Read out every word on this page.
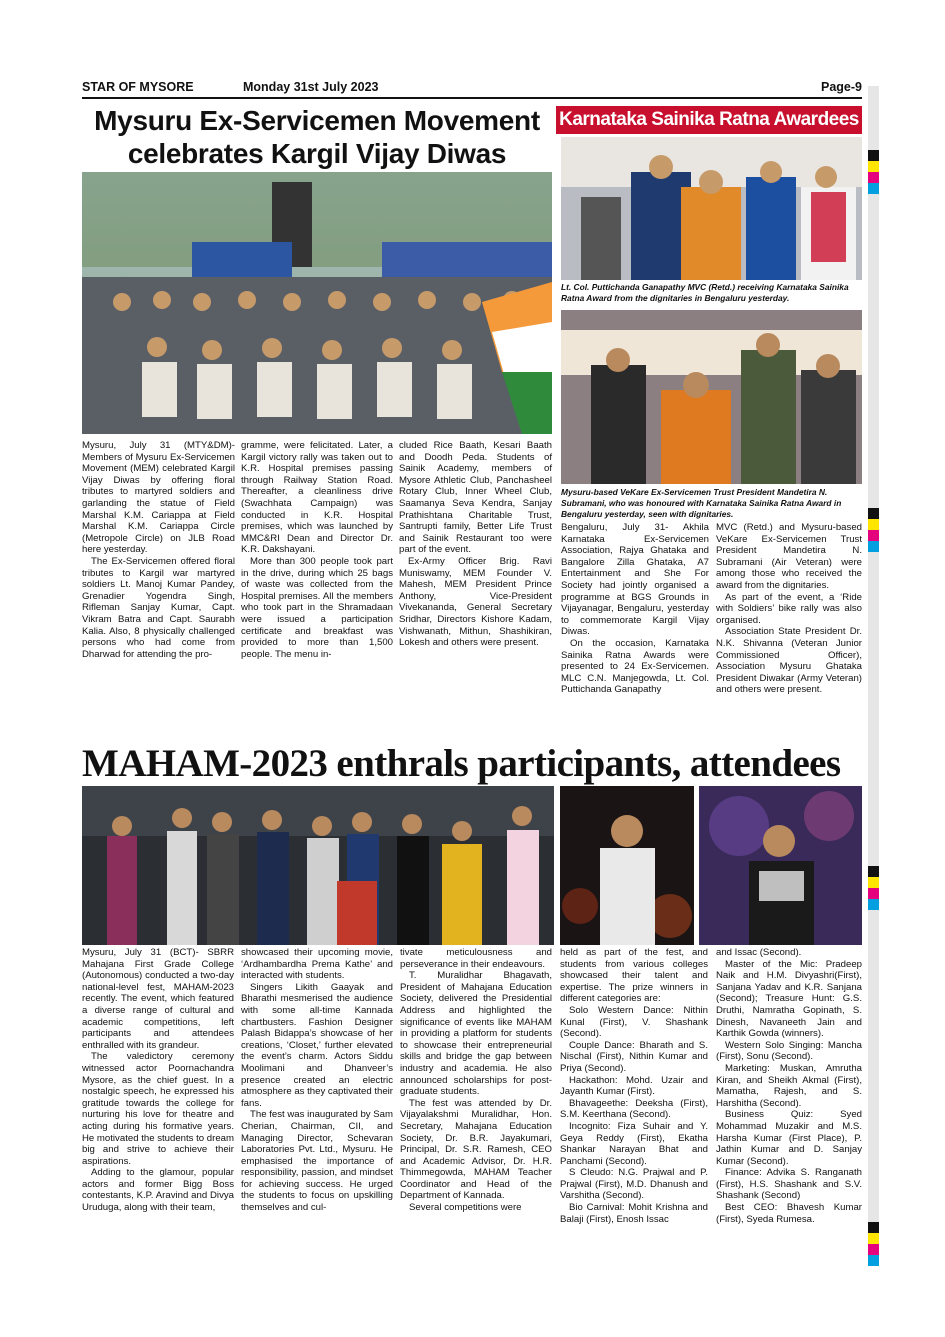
STAR OF MYSORE	Monday 31st July 2023	Page-9
Mysuru Ex-Servicemen Movement
celebrates Kargil Vijay Diwas

Mysuru, July 31 (MTY&DM)- Members of Mysuru Ex-Servicemen Movement (MEM) celebrated Kargil Vijay Diwas by offering floral tributes to martyred soldiers and garlanding the statue of Field Marshal K.M. Cariappa at Field Marshal K.M. Cariappa Circle (Metropole Circle) on JLB Road here yesterday.

The Ex-Servicemen offered floral tributes to Kargil war martyred soldiers Lt. Manoj Kumar Pandey, Grenadier Yogendra Singh, Rifleman Sanjay Kumar, Capt. Vikram Batra and Capt. Saurabh Kalia. Also, 8 physically challenged persons who had come from Dharwad for attending the pro-

gramme, were felicitated. Later, a Kargil victory rally was taken out to K.R. Hospital premises passing through Railway Station Road. Thereafter, a cleanliness drive (Swachhata Campaign) was conducted in K.R. Hospital premises, which was launched by MMC&RI Dean and Director Dr. K.R. Dakshayani.

More than 300 people took part in the drive, during which 25 bags of waste was collected from the Hospital premises. All the members who took part in the Shramadaan were issued a participation certificate and breakfast was provided to more than 1,500 people. The menu in-

cluded Rice Baath, Kesari Baath and Doodh Peda. Students of Sainik Academy, members of Mysore Athletic Club, Panchasheel Rotary Club, Inner Wheel Club, Saamanya Seva Kendra, Sanjay Prathishtana Charitable Trust, Santrupti family, Better Life Trust and Sainik Restaurant too were part of the event.

Ex-Army Officer Brig. Ravi Muniswamy, MEM Founder V. Mahesh, MEM President Prince Anthony, Vice-President Vivekananda, General Secretary Sridhar, Directors Kishore Kadam, Vishwanath, Mithun, Shashikiran, Lokesh and others were present.

Karnataka Sainika Ratna Awardees
Lt. Col. Puttichanda Ganapathy MVC (Retd.) receiving Karnataka Sainika Ratna Award from the dignitaries in Bengaluru yesterday.
Mysuru-based VeKare Ex-Servicemen Trust President Mandetira N. Subramani, who was honoured with Karnataka Sainika Ratna Award in Bengaluru yesterday, seen with dignitaries.

Bengaluru, July 31- Akhila Karnataka Ex-Servicemen Association, Rajya Ghataka and Bangalore Zilla Ghataka, A7 Entertainment and She For Society had jointly organised a programme at BGS Grounds in Vijayanagar, Bengaluru, yesterday to commemorate Kargil Vijay Diwas.

On the occasion, Karnataka Sainika Ratna Awards were presented to 24 Ex-Servicemen. MLC C.N. Manjegowda, Lt. Col. Puttichanda Ganapathy

MVC (Retd.) and Mysuru-based VeKare Ex-Servicemen Trust President Mandetira N. Subramani (Air Veteran) were among those who received the award from the dignitaries.

As part of the event, a ‘Ride with Soldiers’ bike rally was also organised.

Association State President Dr. N.K. Shivanna (Veteran Junior Commissioned Officer), Association Mysuru Ghataka President Diwakar (Army Veteran) and others were present.

MAHAM-2023 enthrals participants, attendees

Mysuru, July 31 (BCT)- SBRR Mahajana First Grade College (Autonomous) conducted a two-day national-level fest, MAHAM-2023 recently. The event, which featured a diverse range of cultural and academic competitions, left participants and attendees enthralled with its grandeur.

The valedictory ceremony witnessed actor Poornachandra Mysore, as the chief guest. In a nostalgic speech, he expressed his gratitude towards the college for nurturing his love for theatre and acting during his formative years. He motivated the students to dream big and strive to achieve their aspirations.

Adding to the glamour, popular actors and former Bigg Boss contestants, K.P. Aravind and Divya Uruduga, along with their team,

showcased their upcoming movie, ‘Ardhambardha Prema Kathe’ and interacted with students.

Singers Likith Gaayak and Bharathi mesmerised the audience with some all-time Kannada chartbusters. Fashion Designer Palash Bidappa’s showcase of her creations, ‘Closet,’ further elevated the event’s charm. Actors Siddu Moolimani and Dhanveer’s presence created an electric atmosphere as they captivated their fans.

The fest was inaugurated by Sam Cherian, Chairman, CII, and Managing Director, Schevaran Laboratories Pvt. Ltd., Mysuru. He emphasised the importance of responsibility, passion, and mindset for achieving success. He urged the students to focus on upskilling themselves and cul-

tivate meticulousness and perseverance in their endeavours.

T. Muralidhar Bhagavath, President of Mahajana Education Society, delivered the Presidential Address and highlighted the significance of events like MAHAM in providing a platform for students to showcase their entrepreneurial skills and bridge the gap between industry and academia. He also announced scholarships for post-graduate students.

The fest was attended by Dr. Vijayalakshmi Muralidhar, Hon. Secretary, Mahajana Education Society, Dr. B.R. Jayakumari, Principal, Dr. S.R. Ramesh, CEO and Academic Advisor, Dr. H.R. Thimmegowda, MAHAM Teacher Coordinator and Head of the Department of Kannada.

Several competitions were

held as part of the fest, and students from various colleges showcased their talent and expertise. The prize winners in different categories are:

Solo Western Dance: Nithin Kunal (First), V. Shashank (Second).

Couple Dance: Bharath and S. Nischal (First), Nithin Kumar and Priya (Second).

Hackathon: Mohd. Uzair and Jayanth Kumar (First).

Bhavageethe: Deeksha (First), S.M. Keerthana (Second).

Incognito: Fiza Suhair and Y. Geya Reddy (First), Ekatha Shankar Narayan Bhat and Panchami (Second).

S Cleudo: N.G. Prajwal and P. Prajwal (First), M.D. Dhanush and Varshitha (Second).

Bio Carnival: Mohit Krishna and Balaji (First), Enosh Issac

and Issac (Second).

Master of the Mic: Pradeep Naik and H.M. Divyashri(First), Sanjana Yadav and K.R. Sanjana (Second); Treasure Hunt: G.S. Druthi, Namratha Gopinath, S. Dinesh, Navaneeth Jain and Karthik Gowda (winners).

Western Solo Singing: Mancha (First), Sonu (Second).

Marketing: Muskan, Amrutha Kiran, and Sheikh Akmal (First), Mamatha, Rajesh, and S. Harshitha (Second).

Business Quiz: Syed Mohammad Muzakir and M.S. Harsha Kumar (First Place), P. Jathin Kumar and D. Sanjay Kumar (Second).

Finance: Advika S. Ranganath (First), H.S. Shashank and S.V. Shashank (Second)

Best CEO: Bhavesh Kumar (First), Syeda Rumesa.
